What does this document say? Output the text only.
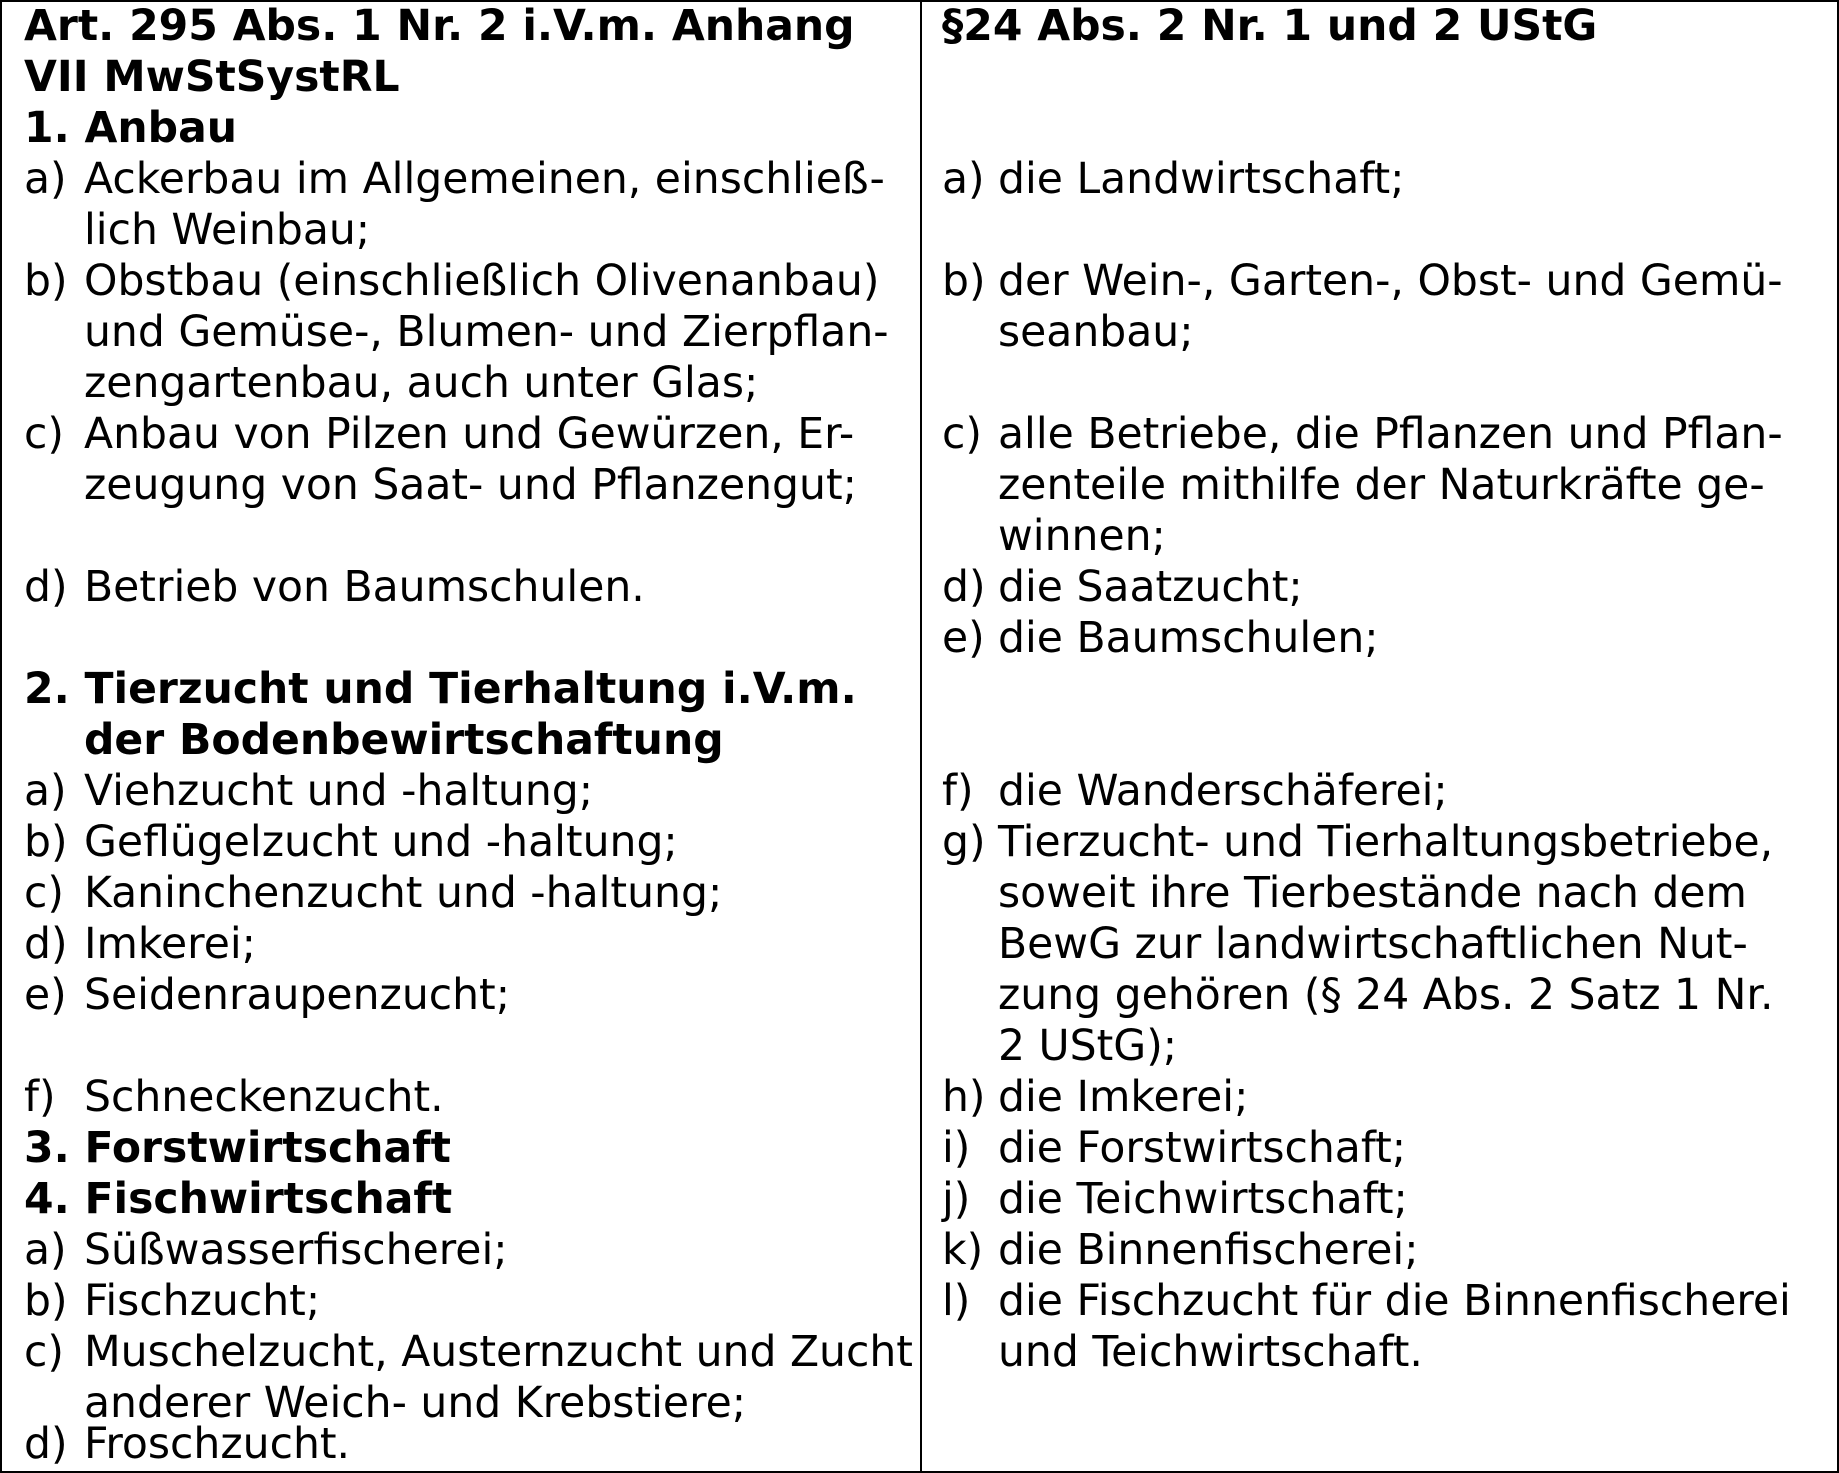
Art. 295 Abs. 1 Nr. 2 i.V.m. Anhang
VII MwStSystRL
1. Anbau
a) Ackerbau im Allgemeinen, einschließ-
lich Weinbau;
b) Obstbau (einschließlich Olivenanbau)
und Gemüse-, Blumen- und Zierpflan-
zengartenbau, auch unter Glas;
c) Anbau von Pilzen und Gewürzen, Er-
zeugung von Saat- und Pflanzengut;
d) Betrieb von Baumschulen.
2. Tierzucht und Tierhaltung i.V.m.
der Bodenbewirtschaftung
a) Viehzucht und -haltung;
b) Geflügelzucht und -haltung;
c) Kaninchenzucht und -haltung;
d) Imkerei;
e) Seidenraupenzucht;
f) Schneckenzucht.
3. Forstwirtschaft
4. Fischwirtschaft
a) Süßwasserfischerei;
b) Fischzucht;
c) Muschelzucht, Austernzucht und Zucht
anderer Weich- und Krebstiere;
d) Froschzucht.
§24 Abs. 2 Nr. 1 und 2 UStG
a) die Landwirtschaft;
b) der Wein-, Garten-, Obst- und Gemü-
seanbau;
c) alle Betriebe, die Pflanzen und Pflan-
zenteile mithilfe der Naturkräfte ge-
winnen;
d) die Saatzucht;
e) die Baumschulen;
f) die Wanderschäferei;
g) Tierzucht- und Tierhaltungsbetriebe,
soweit ihre Tierbestände nach dem
BewG zur landwirtschaftlichen Nut-
zung gehören (§ 24 Abs. 2 Satz 1 Nr.
2 UStG);
h) die Imkerei;
i) die Forstwirtschaft;
j) die Teichwirtschaft;
k) die Binnenfischerei;
l) die Fischzucht für die Binnenfischerei
und Teichwirtschaft.
